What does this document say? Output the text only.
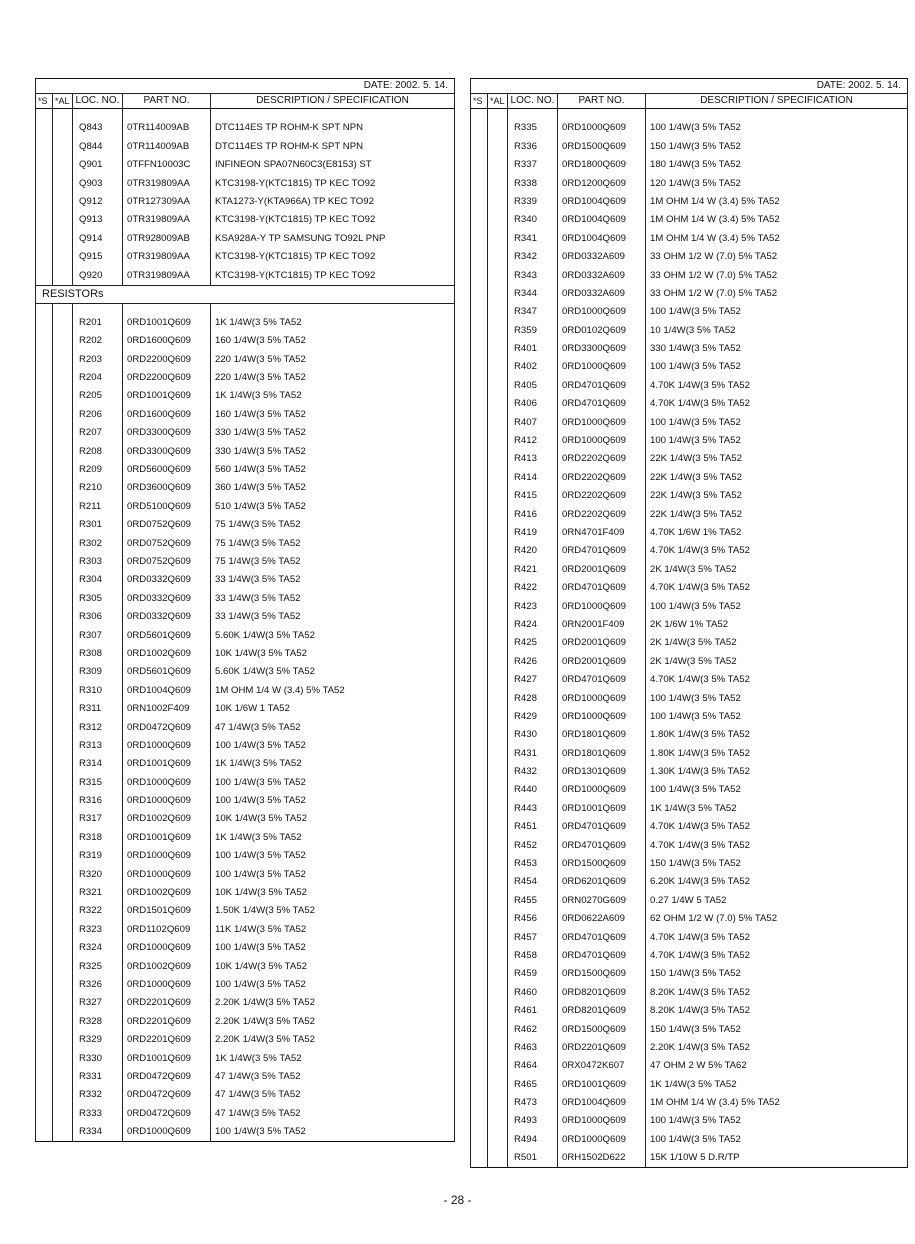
DATE: 2002. 5. 14.				
*S	*AL	LOC. NO.	PART NO.	DESCRIPTION / SPECIFICATION

		Q843	0TR114009AB	DTC114ES TP ROHM-K SPT NPN
		Q844	0TR114009AB	DTC114ES TP ROHM-K SPT NPN
		Q901	0TFFN10003C	INFINEON SPA07N60C3(E8153) ST
		Q903	0TR319809AA	KTC3198-Y(KTC1815) TP KEC TO92
		Q912	0TR127309AA	KTA1273-Y(KTA966A) TP KEC TO92
		Q913	0TR319809AA	KTC3198-Y(KTC1815) TP KEC TO92
		Q914	0TR928009AB	KSA928A-Y TP SAMSUNG TO92L PNP
		Q915	0TR319809AA	KTC3198-Y(KTC1815) TP KEC TO92
		Q920	0TR319809AA	KTC3198-Y(KTC1815) TP KEC TO92
RESISTORs				

		R201	0RD1001Q609	1K 1/4W(3 5% TA52
		R202	0RD1600Q609	160 1/4W(3 5% TA52
		R203	0RD2200Q609	220 1/4W(3 5% TA52
		R204	0RD2200Q609	220 1/4W(3 5% TA52
		R205	0RD1001Q609	1K 1/4W(3 5% TA52
		R206	0RD1600Q609	160 1/4W(3 5% TA52
		R207	0RD3300Q609	330 1/4W(3 5% TA52
		R208	0RD3300Q609	330 1/4W(3 5% TA52
		R209	0RD5600Q609	560 1/4W(3 5% TA52
		R210	0RD3600Q609	360 1/4W(3 5% TA52
		R211	0RD5100Q609	510 1/4W(3 5% TA52
		R301	0RD0752Q609	75 1/4W(3 5% TA52
		R302	0RD0752Q609	75 1/4W(3 5% TA52
		R303	0RD0752Q609	75 1/4W(3 5% TA52
		R304	0RD0332Q609	33 1/4W(3 5% TA52
		R305	0RD0332Q609	33 1/4W(3 5% TA52
		R306	0RD0332Q609	33 1/4W(3 5% TA52
		R307	0RD5601Q609	5.60K 1/4W(3 5% TA52
		R308	0RD1002Q609	10K 1/4W(3 5% TA52
		R309	0RD5601Q609	5.60K 1/4W(3 5% TA52
		R310	0RD1004Q609	1M OHM 1/4 W (3.4) 5% TA52
		R311	0RN1002F409	10K 1/6W 1 TA52
		R312	0RD0472Q609	47 1/4W(3 5% TA52
		R313	0RD1000Q609	100 1/4W(3 5% TA52
		R314	0RD1001Q609	1K 1/4W(3 5% TA52
		R315	0RD1000Q609	100 1/4W(3 5% TA52
		R316	0RD1000Q609	100 1/4W(3 5% TA52
		R317	0RD1002Q609	10K 1/4W(3 5% TA52
		R318	0RD1001Q609	1K 1/4W(3 5% TA52
		R319	0RD1000Q609	100 1/4W(3 5% TA52
		R320	0RD1000Q609	100 1/4W(3 5% TA52
		R321	0RD1002Q609	10K 1/4W(3 5% TA52
		R322	0RD1501Q609	1.50K 1/4W(3 5% TA52
		R323	0RD1102Q609	11K 1/4W(3 5% TA52
		R324	0RD1000Q609	100 1/4W(3 5% TA52
		R325	0RD1002Q609	10K 1/4W(3 5% TA52
		R326	0RD1000Q609	100 1/4W(3 5% TA52
		R327	0RD2201Q609	2.20K 1/4W(3 5% TA52
		R328	0RD2201Q609	2.20K 1/4W(3 5% TA52
		R329	0RD2201Q609	2.20K 1/4W(3 5% TA52
		R330	0RD1001Q609	1K 1/4W(3 5% TA52
		R331	0RD0472Q609	47 1/4W(3 5% TA52
		R332	0RD0472Q609	47 1/4W(3 5% TA52
		R333	0RD0472Q609	47 1/4W(3 5% TA52
		R334	0RD1000Q609	100 1/4W(3 5% TA52
DATE: 2002. 5. 14.				
*S	*AL	LOC. NO.	PART NO.	DESCRIPTION / SPECIFICATION

		R335	0RD1000Q609	100 1/4W(3 5% TA52
		R336	0RD1500Q609	150 1/4W(3 5% TA52
		R337	0RD1800Q609	180 1/4W(3 5% TA52
		R338	0RD1200Q609	120 1/4W(3 5% TA52
		R339	0RD1004Q609	1M OHM 1/4 W (3.4) 5% TA52
		R340	0RD1004Q609	1M OHM 1/4 W (3.4) 5% TA52
		R341	0RD1004Q609	1M OHM 1/4 W (3.4) 5% TA52
		R342	0RD0332A609	33 OHM 1/2 W (7.0) 5% TA52
		R343	0RD0332A609	33 OHM 1/2 W (7.0) 5% TA52
		R344	0RD0332A609	33 OHM 1/2 W (7.0) 5% TA52
		R347	0RD1000Q609	100 1/4W(3 5% TA52
		R359	0RD0102Q609	10 1/4W(3 5% TA52
		R401	0RD3300Q609	330 1/4W(3 5% TA52
		R402	0RD1000Q609	100 1/4W(3 5% TA52
		R405	0RD4701Q609	4.70K 1/4W(3 5% TA52
		R406	0RD4701Q609	4.70K 1/4W(3 5% TA52
		R407	0RD1000Q609	100 1/4W(3 5% TA52
		R412	0RD1000Q609	100 1/4W(3 5% TA52
		R413	0RD2202Q609	22K 1/4W(3 5% TA52
		R414	0RD2202Q609	22K 1/4W(3 5% TA52
		R415	0RD2202Q609	22K 1/4W(3 5% TA52
		R416	0RD2202Q609	22K 1/4W(3 5% TA52
		R419	0RN4701F409	4.70K 1/6W 1% TA52
		R420	0RD4701Q609	4.70K 1/4W(3 5% TA52
		R421	0RD2001Q609	2K 1/4W(3 5% TA52
		R422	0RD4701Q609	4.70K 1/4W(3 5% TA52
		R423	0RD1000Q609	100 1/4W(3 5% TA52
		R424	0RN2001F409	2K 1/6W 1% TA52
		R425	0RD2001Q609	2K 1/4W(3 5% TA52
		R426	0RD2001Q609	2K 1/4W(3 5% TA52
		R427	0RD4701Q609	4.70K 1/4W(3 5% TA52
		R428	0RD1000Q609	100 1/4W(3 5% TA52
		R429	0RD1000Q609	100 1/4W(3 5% TA52
		R430	0RD1801Q609	1.80K 1/4W(3 5% TA52
		R431	0RD1801Q609	1.80K 1/4W(3 5% TA52
		R432	0RD1301Q609	1.30K 1/4W(3 5% TA52
		R440	0RD1000Q609	100 1/4W(3 5% TA52
		R443	0RD1001Q609	1K 1/4W(3 5% TA52
		R451	0RD4701Q609	4.70K 1/4W(3 5% TA52
		R452	0RD4701Q609	4.70K 1/4W(3 5% TA52
		R453	0RD1500Q609	150 1/4W(3 5% TA52
		R454	0RD6201Q609	6.20K 1/4W(3 5% TA52
		R455	0RN0270G609	0.27 1/4W 5 TA52
		R456	0RD0622A609	62 OHM 1/2 W (7.0) 5% TA52
		R457	0RD4701Q609	4.70K 1/4W(3 5% TA52
		R458	0RD4701Q609	4.70K 1/4W(3 5% TA52
		R459	0RD1500Q609	150 1/4W(3 5% TA52
		R460	0RD8201Q609	8.20K 1/4W(3 5% TA52
		R461	0RD8201Q609	8.20K 1/4W(3 5% TA52
		R462	0RD1500Q609	150 1/4W(3 5% TA52
		R463	0RD2201Q609	2.20K 1/4W(3 5% TA52
		R464	0RX0472K607	47 OHM 2 W 5% TA62
		R465	0RD1001Q609	1K 1/4W(3 5% TA52
		R473	0RD1004Q609	1M OHM 1/4 W (3.4) 5% TA52
		R493	0RD1000Q609	100 1/4W(3 5% TA52
		R494	0RD1000Q609	100 1/4W(3 5% TA52
		R501	0RH1502D622	15K 1/10W 5 D.R/TP
- 28 -
